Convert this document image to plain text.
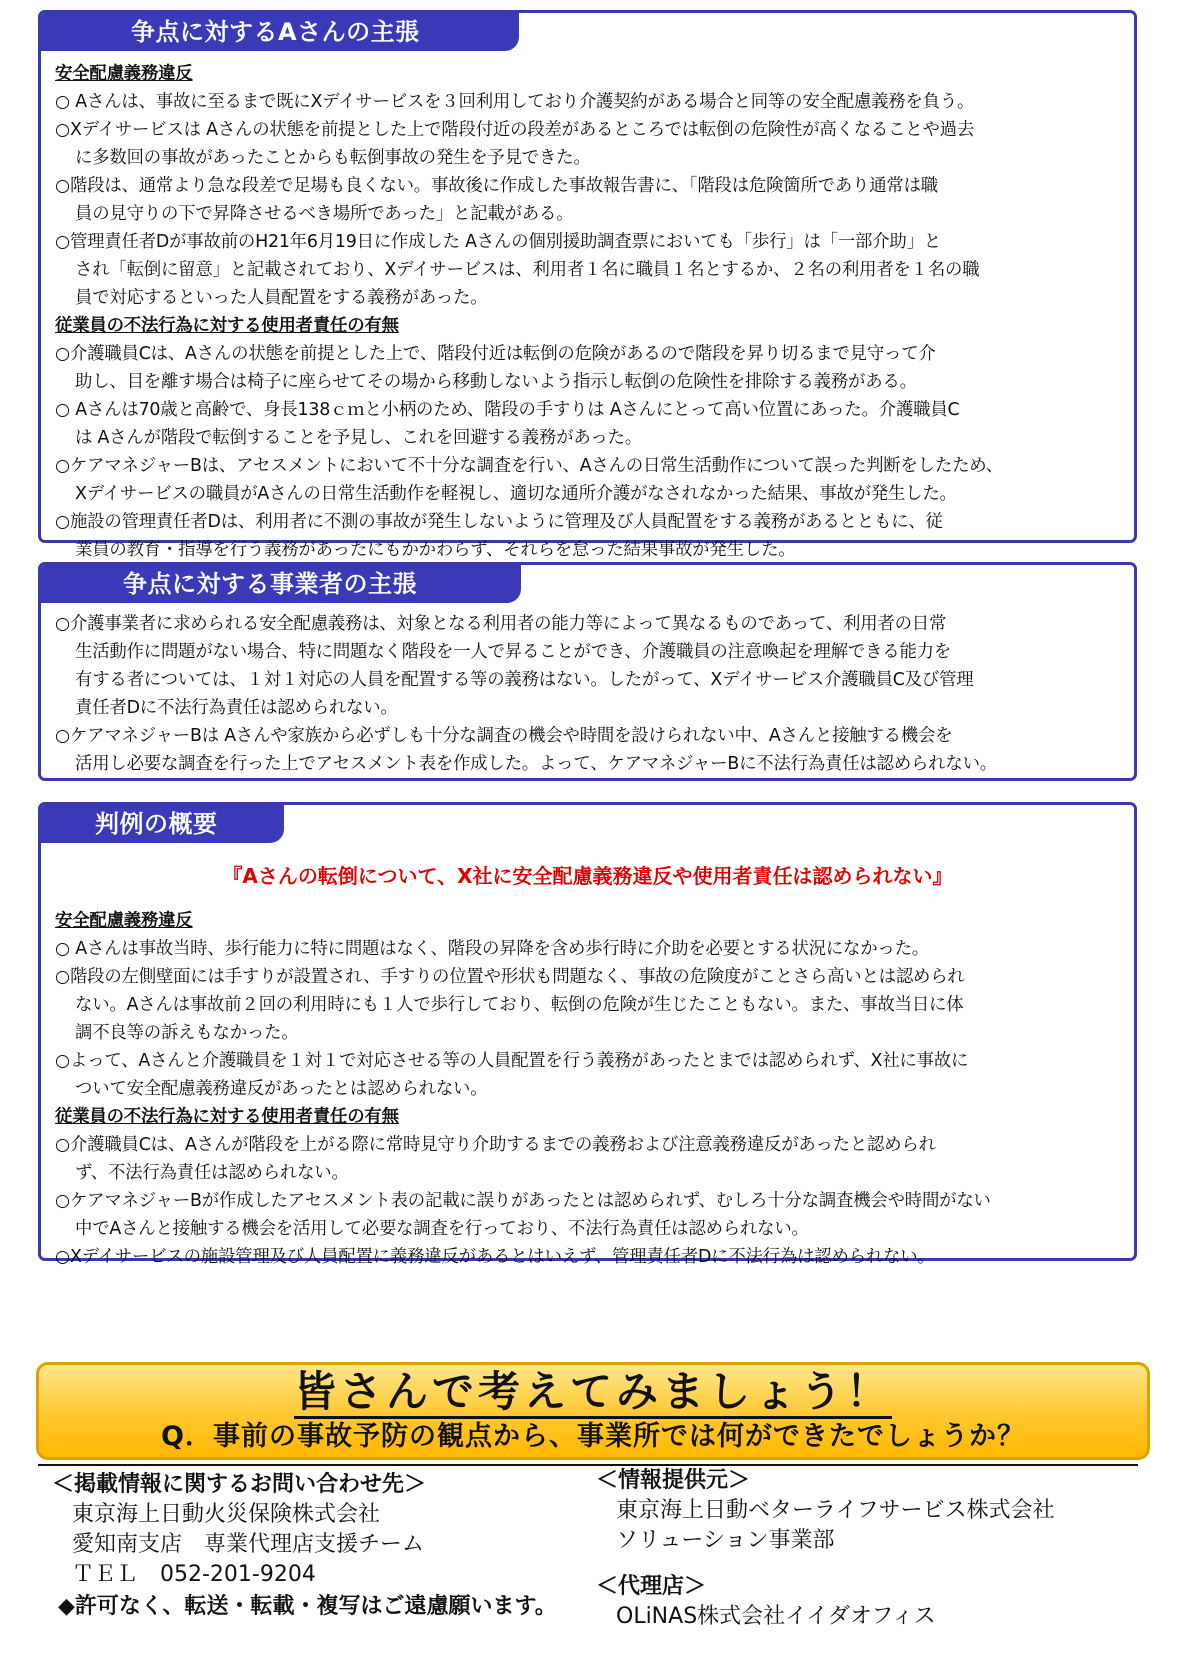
争点に対するAさんの主張
安全配慮義務違反
○ Aさんは、事故に至るまで既にXデイサービスを３回利用しており介護契約がある場合と同等の安全配慮義務を負う。
○Xデイサービスは Aさんの状態を前提とした上で階段付近の段差があるところでは転倒の危険性が高くなることや過去
に多数回の事故があったことからも転倒事故の発生を予見できた。
○階段は、通常より急な段差で足場も良くない。事故後に作成した事故報告書に、「階段は危険箇所であり通常は職
員の見守りの下で昇降させるべき場所であった」と記載がある。
○管理責任者Dが事故前のH21年6月19日に作成した Aさんの個別援助調査票においても「歩行」は「一部介助」と
され「転倒に留意」と記載されており、Xデイサービスは、利用者１名に職員１名とするか、２名の利用者を１名の職
員で対応するといった人員配置をする義務があった。
従業員の不法行為に対する使用者責任の有無
○介護職員Cは、Aさんの状態を前提とした上で、階段付近は転倒の危険があるので階段を昇り切るまで見守って介
助し、目を離す場合は椅子に座らせてその場から移動しないよう指示し転倒の危険性を排除する義務がある。
○ Aさんは70歳と高齢で、身長138ｃｍと小柄のため、階段の手すりは Aさんにとって高い位置にあった。介護職員C
は Aさんが階段で転倒することを予見し、これを回避する義務があった。
○ケアマネジャーBは、アセスメントにおいて不十分な調査を行い、Aさんの日常生活動作について誤った判断をしたため、
Xデイサービスの職員がAさんの日常生活動作を軽視し、適切な通所介護がなされなかった結果、事故が発生した。
○施設の管理責任者Dは、利用者に不測の事故が発生しないように管理及び人員配置をする義務があるとともに、従
業員の教育・指導を行う義務があったにもかかわらず、それらを怠った結果事故が発生した。
争点に対する事業者の主張
○介護事業者に求められる安全配慮義務は、対象となる利用者の能力等によって異なるものであって、利用者の日常
生活動作に問題がない場合、特に問題なく階段を一人で昇ることができ、介護職員の注意喚起を理解できる能力を
有する者については、１対１対応の人員を配置する等の義務はない。したがって、Xデイサービス介護職員C及び管理
責任者Dに不法行為責任は認められない。
○ケアマネジャーBは Aさんや家族から必ずしも十分な調査の機会や時間を設けられない中、Aさんと接触する機会を
活用し必要な調査を行った上でアセスメント表を作成した。よって、ケアマネジャーBに不法行為責任は認められない。
判例の概要
『Aさんの転倒について、X社に安全配慮義務違反や使用者責任は認められない』
安全配慮義務違反
○ Aさんは事故当時、歩行能力に特に問題はなく、階段の昇降を含め歩行時に介助を必要とする状況になかった。
○階段の左側壁面には手すりが設置され、手すりの位置や形状も問題なく、事故の危険度がことさら高いとは認められ
ない。Aさんは事故前２回の利用時にも１人で歩行しており、転倒の危険が生じたこともない。また、事故当日に体
調不良等の訴えもなかった。
○よって、Aさんと介護職員を１対１で対応させる等の人員配置を行う義務があったとまでは認められず、X社に事故に
ついて安全配慮義務違反があったとは認められない。
従業員の不法行為に対する使用者責任の有無
○介護職員Cは、Aさんが階段を上がる際に常時見守り介助するまでの義務および注意義務違反があったと認められ
ず、不法行為責任は認められない。
○ケアマネジャーBが作成したアセスメント表の記載に誤りがあったとは認められず、むしろ十分な調査機会や時間がない
中でAさんと接触する機会を活用して必要な調査を行っており、不法行為責任は認められない。
○Xデイサービスの施設管理及び人員配置に義務違反があるとはいえず、管理責任者Dに不法行為は認められない。
皆さんで考えてみましょう！
Q．事前の事故予防の観点から、事業所では何ができたでしょうか？
＜掲載情報に関するお問い合わせ先＞
東京海上日動火災保険株式会社
愛知南支店　専業代理店支援チーム
ＴＥＬ　052-201-9204
◆許可なく、転送・転載・複写はご遠慮願います。
＜情報提供元＞
東京海上日動ベターライフサービス株式会社
ソリューション事業部
＜代理店＞
OLiNAS株式会社イイダオフィス
